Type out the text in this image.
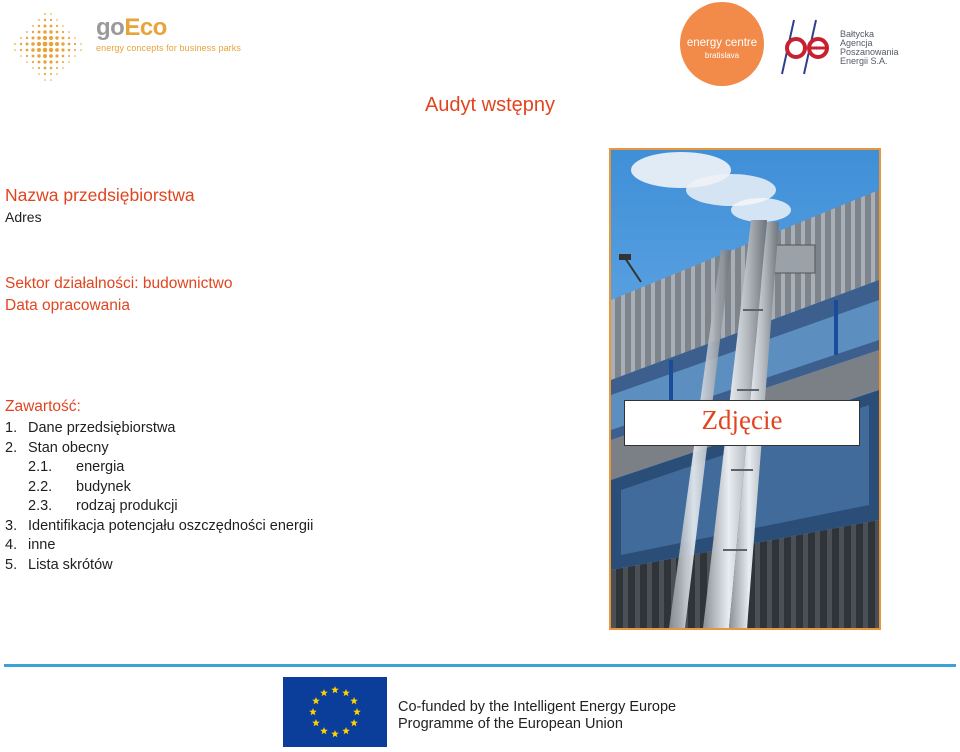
goEco
energy concepts for business parks	energy centre
bratislava
Bałtycka
Agencja
Poszanowania
Energii S.A.
Audyt wstępny
Nazwa przedsiębiorstwa
Adres
Sektor działalności: budownictwo
Data opracowania
Zawartość:
1. Dane przedsiębiorstwa
2. Stan obecny
2.1. energia
2.2. budynek
2.3. rodzaj produkcji
3. Identifikacja potencjału oszczędności energii
4. inne
5. Lista skrótów
Zdjęcie
Co-funded by the Intelligent Energy Europe
Programme of the European Union
